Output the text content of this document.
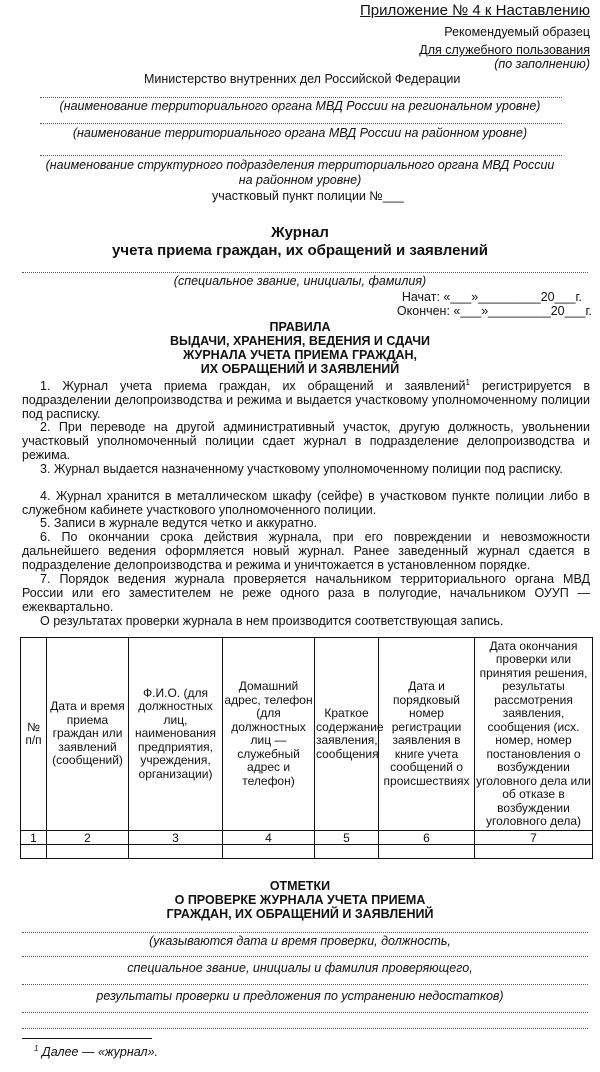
Приложение № 4 к Наставлению
Рекомендуемый образец
Для служебного пользования
(по заполнению)
Министерство внутренних дел Российской Федерации
(наименование территориального органа МВД России на региональном уровне)
(наименование территориального органа МВД России на районном уровне)
(наименование структурного подразделения территориального органа МВД России
на районном уровне)
участковый пункт полиции №___
Журнал
учета приема граждан, их обращений и заявлений
(специальное звание, инициалы, фамилия)
Начат: «___»_________20___г.
Окончен: «___»_________20___г.
ПРАВИЛА
ВЫДАЧИ, ХРАНЕНИЯ, ВЕДЕНИЯ И СДАЧИ
ЖУРНАЛА УЧЕТА ПРИЕМА ГРАЖДАН,
ИХ ОБРАЩЕНИЙ И ЗАЯВЛЕНИЙ
1. Журнал учета приема граждан, их обращений и заявлений$^1$ регистрируется в подразделении делопроизводства и режима и выдается участковому уполномоченному полиции под расписку.
2. При переводе на другой административный участок, другую должность, увольнении участковый уполномоченный полиции сдает журнал в подразделение делопроизводства и режима.
3. Журнал выдается назначенному участковому уполномоченному полиции под расписку.
4. Журнал хранится в металлическом шкафу (сейфе) в участковом пункте полиции либо в служебном кабинете участкового уполномоченного полиции.
5. Записи в журнале ведутся четко и аккуратно.
6. По окончании срока действия журнала, при его повреждении и невозможности дальнейшего ведения оформляется новый журнал. Ранее заведенный журнал сдается в подразделение делопроизводства и режима и уничтожается в установленном порядке.
7. Порядок ведения журнала проверяется начальником территориального органа МВД России или его заместителем не реже одного раза в полугодие, начальником ОУУП — ежеквартально.
О результатах проверки журнала в нем производится соответствующая запись.
№ п/п	Дата и время приема граждан или заявлений (сообщений)	Ф.И.О. (для должностных лиц, наименования предприятия, учреждения, организации)	Домашний адрес, телефон (для должностных лиц — служебный адрес и телефон)	Краткое содержание заявления, сообщения	Дата и порядковый номер регистрации заявления в книге учета сообщений о происшествиях	Дата окончания проверки или принятия решения, результаты рассмотрения заявления, сообщения (исх. номер, номер постановления о возбуждении уголовного дела или об отказе в возбуждении уголовного дела)
1	2	3	4	5	6	7

ОТМЕТКИ
О ПРОВЕРКЕ ЖУРНАЛА УЧЕТА ПРИЕМА
ГРАЖДАН, ИХ ОБРАЩЕНИЙ И ЗАЯВЛЕНИЙ
(указываются дата и время проверки, должность,
специальное звание, инициалы и фамилия проверяющего,
результаты проверки и предложения по устранению недостатков)
$^1$ Далее — «журнал».
